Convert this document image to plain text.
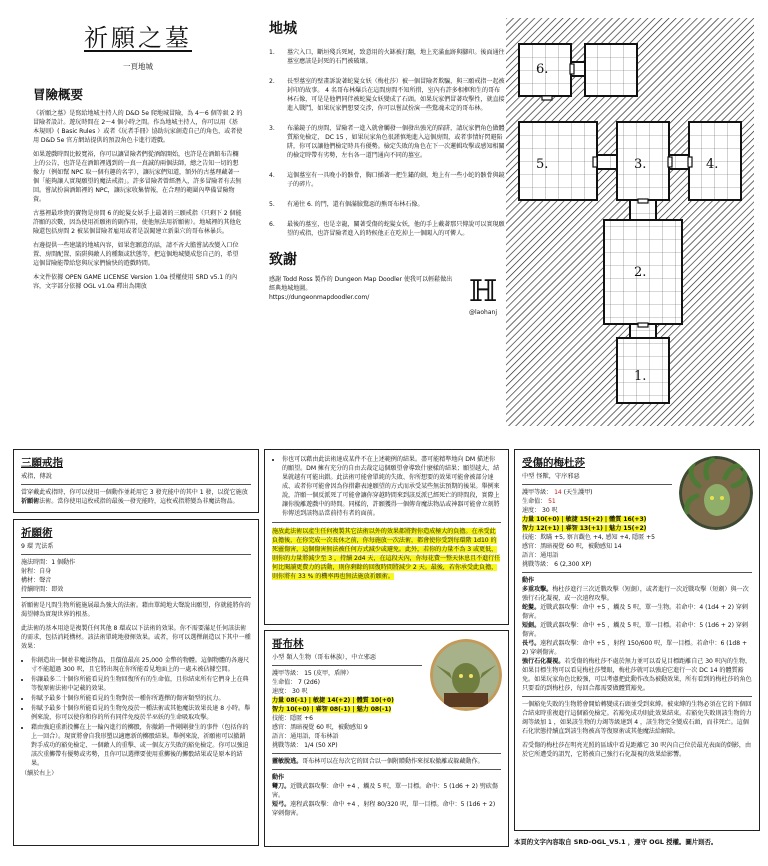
祈願之墓
一頁地城
冒險概要

《祈願之墓》是寫給地城主持人的 D&D 5e 爬地城冒險，為 4～6 個等級 2 的冒險者設計。遊玩時間在 2～4 個小時之間。作為地城主持人，你可以用《基本規則》( Basic Rules ）或者《玩者手冊》協助玩家創造自己的角色，或者使用 D&D 5e 官方網站提供的預設角色卡進行遊戲。

如果遊戲時間比較寬裕，你可以讓冒險者們從酒館開始，也許是在酒館布告欄上的公告，也許是在酒館裡遇到的一真一真誠的兩個法師，總之告知一切的想像力（例如幫 NPC 取一個有趣的名字），讓玩家們知道，額外的古墓理藏著一個「能夠讓人實現願望的魔法戒指」。許多冒險者曾經潛入，許多冒險者有去無回。嘗試扮演酒館裡的 NPC，讓玩家收集情報，在合理的範圍內準備冒險物資。

古墓裡最珍貴的寶物是房間 6 的蛇髮女妖手上最著的三願戒指（只剩下 2 個能許願的次數，因為使用祈願術的副作用，使他無法用祈願術）。地城裡的其他危險還包括房間 2 被某個冒險者雇用或者是誤闖建立新巢穴的哥布林暴兵。

右邊提供一些建議的地城內容，如果您願意的話，請不吝大膽嘗試改變入口位置、房間配置、陷阱與敵人的種類或狀態等，把這個地城變成您自己的，希望這個冒險能帶給您與玩家們愉快的遊戲時間。

本文件依據 OPEN GAME LICENSE Version 1.0a 授權使用 SRD v5.1 的內容，文字部分依據 OGL v1.0a 釋出為開放

地城
1.	墓穴入口，斷垣殘兵死屍，致意用的火缽被打翻，地上充滿血跡與腳印。後面通往墓室應該是封死的石門被破壞。
2.	長型墓室的壁畫訴說著蛇髮女妖（梅杜莎）被一個冒險者欺騙，與三願戒指一起被封印的故事。 4 名哥布林爆兵在這間房間不知所措，室內有許多相框和生的哥布林石像，可是是他們同伴被蛇髮女妖變成了石頭。如果玩家們冒著攻擊性，就直接進入戰鬥，如果玩家們想要交涉，你可以嘗試扮演一些驚魂未定的哥布林。
3.	布滿鏡子的房間，冒險者一進入就會觸發一個發出強光的陷阱，請玩家們角色做體質豁免檢定， DC 15 ，如果玩家角色很謹慎地進入這個房間，或者事情好閃避陷阱，你可以讓他們檢定時具有優勢。檢定失敗的角色在下一次邏輯攻擊或感知相關的檢定時帶有劣勢，左右各一道門通向不同的墓室。
4.	這個墓室有一具晚小的骸骨，胸口插著一把生鏽的劍，地上有一些小蛇的骸骨與鏡子的碎片。
5.	有通往 6. 的門，還有個滿臉驚惡的熊哥布林石像。
6.	最後的墓室，也是幸龍，關著受傷的蛇髮女妖，他的手上戴著那只傳說可以實現願望的戒指，也許冒險者進入的時候他正在吃掉上一個闖入的可憐人。
致謝
感謝 Todd Ross 製作的 Dungeon Map Doodler 使我可以輕鬆做出經典地城地圖。
https://dungeonmapdoodler.com/	ℍ
@laohanj
6.
5.	3.	4.
2.
1.
三願戒指
戒指，傳說
當穿戴此戒指時，你可以使用一個動作並耗用它 3 發充能中的其中 1 發，以從它施放祈願術法術。當你使用這枚戒指的最後一發充能時，這枚戒指將變為非魔法物品。
祈願術
9 環 咒法系
施法時間：1 個動作
射程：自身
構材：聲音
持續時間：即效

祈願術是凡間生物所能施展最為強大的法術。藉由單純地大聲說出願望，你就能將你的渴望轉為實現世界的根基。

此法術的基本用途是複製任何其他 8 環或以下法術的效果。你不需要滿足任何該法術的需求，包括消耗構材。該法術單純地發揮效果。或者，你可以選擇創造以下其中一種效果：

• 你創造出一個並非魔法物品，且價值最高 25,000 金幣的物體。這個物體的各邊尺寸不能超過 300 呎，且它將出現在你所能看見地面上的一處未被佔據空間。
• 你讓最多二十個你所能看見的生物回復所有的生命值，且你結束所有它們身上在典等復原術法術中記載的效果。
• 你賦予最多十個你所能看見的生物對於一種你所選擇的傷害類型的抗力。
• 你賦予最多十個你所能看見的生物免疫於一種法術或其他魔法效果長達 8 小時。舉例來說，你可以使你和你的所有同伴免疫於半巫妖的生命吸取攻擊。
• 藉由強迫重新投擲在上一輪內進行的擲骰，你撤銷一件剛剛發生的事件（包括你的上一回合）。現實將會自我形塑以適應新的擲骰結果。舉例來說，祈願術可以撤銷對手成功的豁免檢定、一個敵人的重擊、或一個友方失敗的豁免檢定。你可以強迫該次重擲帶有優勢或劣勢，且你可以選擇要使用重擲後的擲骰結果或是原本的結果。
（續於右上）
• 你也可以藉由此法術達成某件不在上述範例的結果。盡可能精準地向 DM 描述你的願望。DM 擁有充分的自由去裁定這個願望會導致什麼樣的結果；願望越大，結果就越有可能出錯。此法術可能會單純的失敗、你所想要的效果可能會被部分達成、或者你可能會因為你措辭表達願望的方式而承受某些無法預期的後果。舉例來說，許願一個反派死了可能會讓你穿越時間來到該反派已經死亡的時間段，實際上讓你脫離遊戲中的時間。同樣的，許願獲得一個傳奇魔法物品或神器可能會立刻將你傳送到該物品當前持有者的面前。
施放此法術以產生任何複製其它法術以外的效果都將對你造成極大的負擔。在承受此負擔後，在你完成一次長休之前，你每施放一次法術，都會使你受到每環階 1d10 的死靈傷害，這個傷害無法被任何方式減少或避免。此外，若你的力量不為 3 或更低，則你的力量將減少至 3 ，持續 2d4 天，在這段天內，你每花費一整天休息且不進行任何比閱讀更費力的活動，則你剩餘的回復時間將減少 2 天。最後，若你承受此負擔，則你將有 33 % 的機率再也無法施放祈願術。
哥布林
小型 類人生物（哥布林族），中立邪惡
護甲等級： 15 (皮甲，盾牌）
生命值： 7 (2d6)
速度： 30 呎
力量 08(-1) | 敏捷 14(+2) | 體質 10(+0)
智力 10(+0) | 睿智 08(-1) | 魅力 08(-1)
技能：隱匿 +6
感官：黑暗視覺 60 呎，被動感知 9
語言：通用語，哥布林語
挑戰等級： 1/4 (50 XP)
靈敏脫逃。哥布林可以在每次它的回合以一個附贈動作來採取撤離或躲藏動作。
動作
彎刀。近戰武器攻擊：命中 +4 ，觸及 5 呎，單一目標。命中：5 (1d6 + 2) 劈砍傷害。
短弓。遠程武器攻擊：命中 +4 ，射程 80/320 呎，單一目標。命中：5 (1d6 + 2) 穿刺傷害。
受傷的梅杜莎
中型 怪獸，守序邪惡
護甲等級： 14 (天生護甲)
生命值： 51
速度： 30 呎
力量 10(+0) | 敏捷 15(+2) | 體質 16(+3)
智力 12(+1) | 睿智 13(+1) | 魅力 15(+2)
技能：欺瞞 +5, 察言觀色 +4, 感知 +4, 隱匿 +5
感官：黑暗視覺 60 呎，被動感知 14
語言：通用語
挑戰等級： 6 (2,300 XP)
動作
多重攻擊。梅杜莎進行三次近戰攻擊（短劍），或者進行一次近戰攻擊（短劍）與一次強行石化凝視，或一次遠程攻擊。
蛇髮。近戰武器攻擊：命中 +5 ，觸及 5 呎，單一生物。若命中：4 (1d4 + 2) 穿刺傷害。
短劍。近戰武器攻擊：命中 +5 ，觸及 5 呎，單一目標。若命中：5 (1d6 + 2) 穿刺傷害。
長弓。遠程武器攻擊：命中 +5 ，射程 150/600 呎，單一目標。若命中：6 (1d8 + 2) 穿刺傷害。
強行石化凝視。若受傷的梅杜莎不處於無力並可以看見目標距離自己 30 呎內的生物，如果目標生物可以看見梅杜莎雙眼，梅杜莎就可以強迫它進行一次 DC 14 的體質豁免。如果玩家角色比較強，可以考慮把此動作改為被動效果，所有看到的梅杜莎的角色只要看的到梅杜莎，每回合都需要做體質豁免。

一個豁免失敗的生物將會開始轉變成石頭並受到束縛。被束縛的生物必須在它的下個回合結束時重複進行這個豁免檢定。若豁免成功則此效果結束。若豁免失敗則該生物的力竭等級加 1 ，如果該生物的力竭等級達到 4 ，該生物完全變成石頭，而非死亡。這個石化狀態持續直到該生物被高等復原術或其他魔法給解除。

若受傷的梅杜莎在明亮光照的區域中看見距離它 30 呎內自己位於最光表面的倒影，由於它所遭受的詛咒，它將被自己強行石化凝視的效果給影響。

本頁的文字內容取自 SRD-OGL_V5.1 ，遵守 OGL 授權。圖片則否。
